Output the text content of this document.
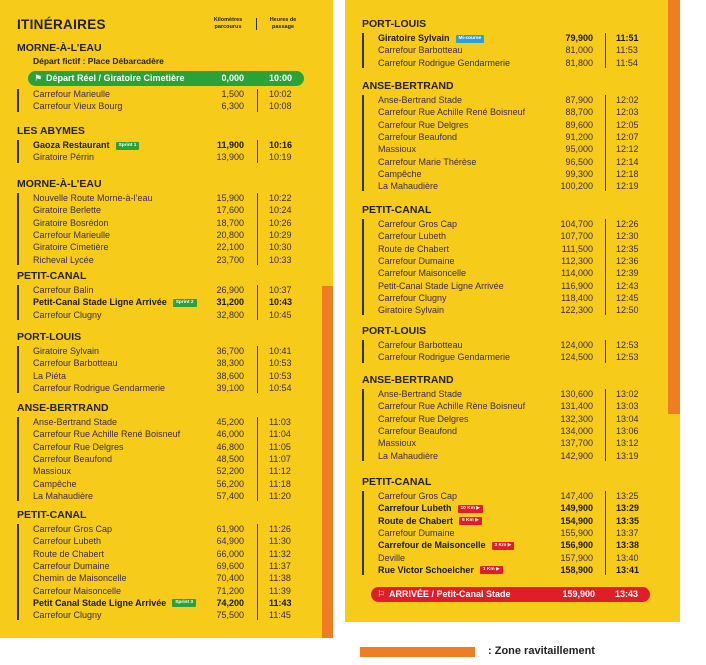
ITINÉRAIRES	Kilomètres parcourus
Heures de passage
MORNE-À-L’EAU
Départ fictif : Place Débarcadère
⚑ Départ Réel / Giratoire Cimetière	0,000	10:00
Carrefour Marieulle	1,500	10:02
Carrefour Vieux Bourg	6,300	10:08
LES ABYMES
Gaoza Restaurant Sprint 1	11,900	10:16
Giratoire Pérrin	13,900	10:19
MORNE-À-L’EAU
Nouvelle Route Morne-à-l’eau	15,900	10:22
Giratoire Berlette	17,600	10:24
Giratoire Bosrédon	18,700	10:26
Carrefour Marieulle	20,800	10:29
Giratoire Cimetière	22,100	10:30
Richeval Lycée	23,700	10:33
PETIT-CANAL
Carrefour Balin	26,900	10:37
Petit-Canal Stade Ligne Arrivée Sprint 2	31,200	10:43
Carrefour Clugny	32,800	10:45
PORT-LOUIS
Giratoire Sylvain	36,700	10:41
Carrefour Barbotteau	38,300	10:53
La Piéta	38,600	10:53
Carrefour Rodrigue Gendarmerie	39,100	10:54
ANSE-BERTRAND
Anse-Bertrand Stade	45,200	11:03
Carrefour Rue Achille René Boisneuf	46,000	11:04
Carrefour Rue Delgres	46,800	11:05
Carrefour Beaufond	48,500	11:07
Massioux	52,200	11:12
Campêche	56,200	11:18
La Mahaudière	57,400	11:20
PETIT-CANAL
Carrefour Gros Cap	61,900	11:26
Carrefour Lubeth	64,900	11:30
Route de Chabert	66,000	11:32
Carrefour Dumaine	69,600	11:37
Chemin de Maisoncelle	70,400	11:38
Carrefour Maisoncelle	71,200	11:39
Petit Canal Stade Ligne Arrivée Sprint 3	74,200	11:43
Carrefour Clugny	75,500	11:45
PORT-LOUIS
Giratoire Sylvain Mi-course	79,900	11:51
Carrefour Barbotteau	81,000	11:53
Carrefour Rodrigue Gendarmerie	81,800	11:54
ANSE-BERTRAND
Anse-Bertrand Stade	87,900	12:02
Carrefour Rue Achille René Boisneuf	88,700	12:03
Carrefour Rue Delgres	89,600	12:05
Carrefour Beaufond	91,200	12:07
Massioux	95,000	12:12
Carrefour Marie Thérèse	96,500	12:14
Campêche	99,300	12:18
La Mahaudière	100,200	12:19
PETIT-CANAL
Carrefour Gros Cap	104,700	12:26
Carrefour Lubeth	107,700	12:30
Route de Chabert	111,500	12:35
Carrefour Dumaine	112,300	12:36
Carrefour Maisoncelle	114,000	12:39
Petit-Canal Stade Ligne Arrivée	116,900	12:43
Carrefour Clugny	118,400	12:45
Giratoire Sylvain	122,300	12:50
PORT-LOUIS
Carrefour Barbotteau	124,000	12:53
Carrefour Rodrigue Gendarmerie	124,500	12:53
ANSE-BERTRAND
Anse-Bertrand Stade	130,600	13:02
Carrefour Rue Achille Rène Boisneuf	131,400	13:03
Carrefour Rue Delgres	132,300	13:04
Carrefour Beaufond	134,000	13:06
Massioux	137,700	13:12
La Mahaudière	142,900	13:19
PETIT-CANAL
Carrefour Gros Cap	147,400	13:25
Carrefour Lubeth 10 Km ▶	149,900	13:29
Route de Chabert 5 Km ▶	154,900	13:35
Carrefour Dumaine	155,900	13:37
Carrefour de Maisoncelle 3 Km ▶	156,900	13:38
Deville	157,900	13:40
Rue Victor Schoelcher 1 Km ▶	158,900	13:41
⚐ ARRIVÉE / Petit-Canal Stade	159,900 13:43
: Zone ravitaillement
